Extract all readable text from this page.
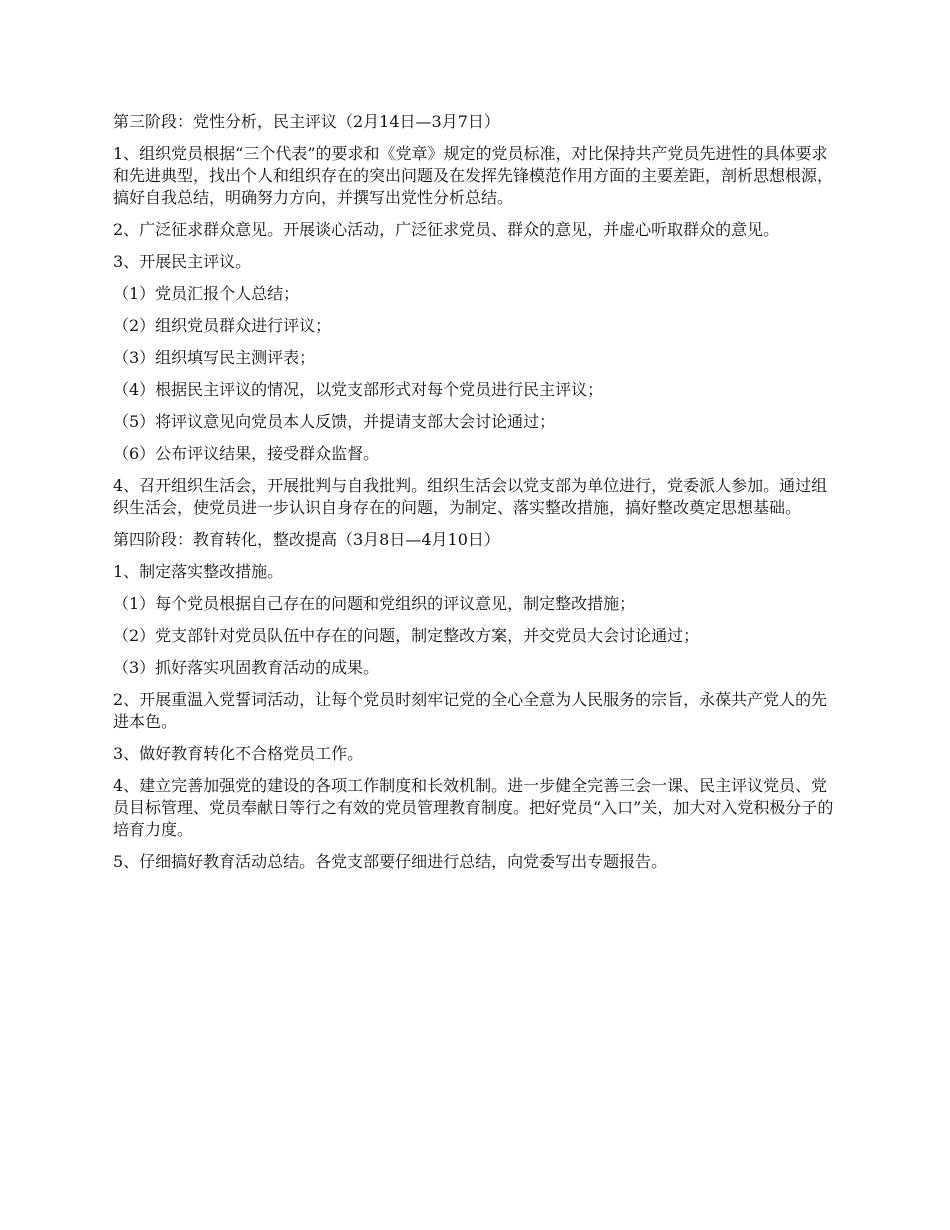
第三阶段：党性分析，民主评议（2月14日—3月7日）

1、组织党员根据“三个代表”的要求和《党章》规定的党员标准，对比保持共产党员先进性的具体要求和先进典型，找出个人和组织存在的突出问题及在发挥先锋模范作用方面的主要差距，剖析思想根源，搞好自我总结，明确努力方向，并撰写出党性分析总结。

2、广泛征求群众意见。开展谈心活动，广泛征求党员、群众的意见，并虚心听取群众的意见。

3、开展民主评议。

（1）党员汇报个人总结；

（2）组织党员群众进行评议；

（3）组织填写民主测评表；

（4）根据民主评议的情况，以党支部形式对每个党员进行民主评议；

（5）将评议意见向党员本人反馈，并提请支部大会讨论通过；

（6）公布评议结果，接受群众监督。

4、召开组织生活会，开展批判与自我批判。组织生活会以党支部为单位进行，党委派人参加。通过组织生活会，使党员进一步认识自身存在的问题，为制定、落实整改措施，搞好整改奠定思想基础。

第四阶段：教育转化，整改提高（3月8日—4月10日）

1、制定落实整改措施。

（1）每个党员根据自己存在的问题和党组织的评议意见，制定整改措施；

（2）党支部针对党员队伍中存在的问题，制定整改方案，并交党员大会讨论通过；

（3）抓好落实巩固教育活动的成果。

2、开展重温入党誓词活动，让每个党员时刻牢记党的全心全意为人民服务的宗旨，永葆共产党人的先进本色。

3、做好教育转化不合格党员工作。

4、建立完善加强党的建设的各项工作制度和长效机制。进一步健全完善三会一课、民主评议党员、党员目标管理、党员奉献日等行之有效的党员管理教育制度。把好党员“入口”关，加大对入党积极分子的培育力度。

5、仔细搞好教育活动总结。各党支部要仔细进行总结，向党委写出专题报告。
